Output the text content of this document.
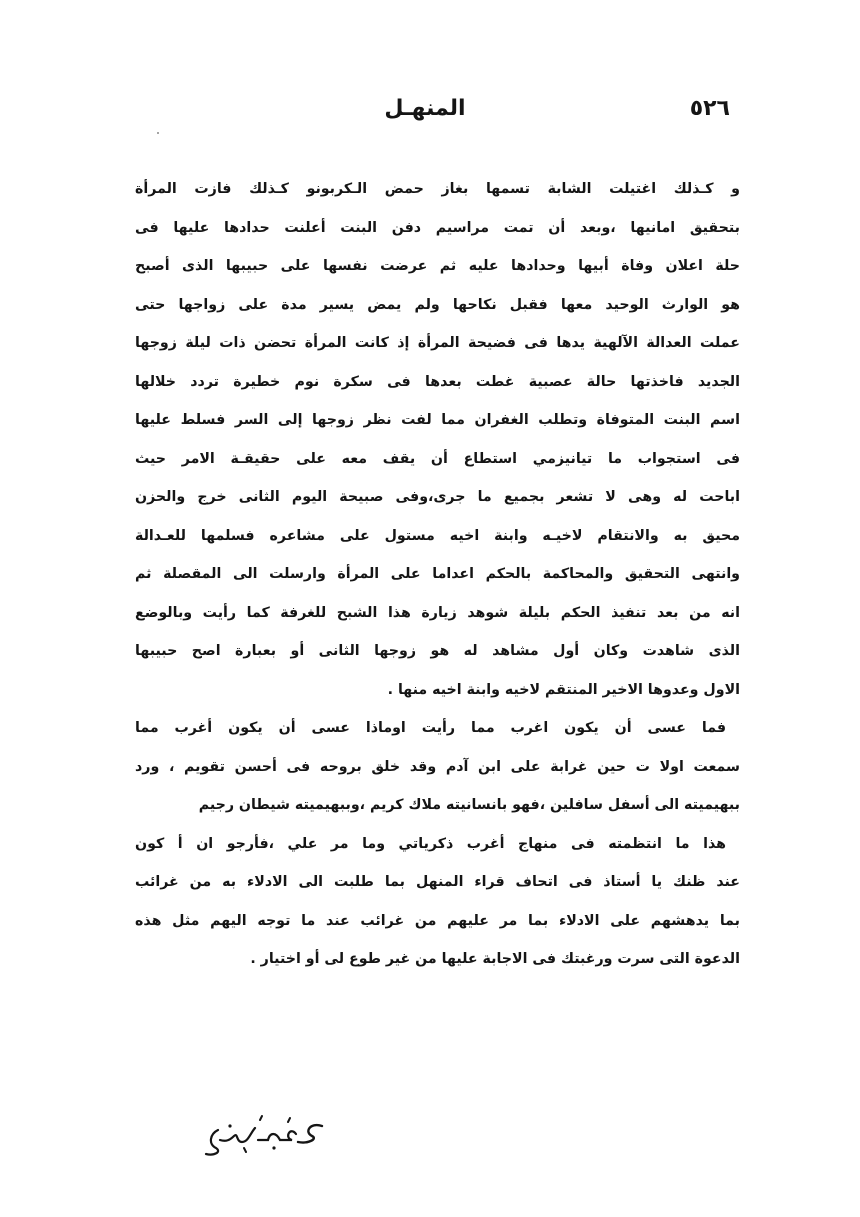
٥٢٦
المنهـل
و كـذلك اغتيلت الشابة تسمها بغاز حمض الـكربونو كـذلك فازت المرأة
بتحقيق امانيها ،وبعد أن تمت مراسيم دفن البنت أعلنت حدادها عليها فى
حلة اعلان وفاة أبيها وحدادها عليه ثم عرضت نفسها على حبيبها الذى أصبح
هو الوارث الوحيد معها فقبل نكاحها ولم يمض يسير مدة على زواجها حتى
عملت العدالة الآلهية يدها فى فضيحة المرأة إذ كانت المرأة تحضن ذات ليلة زوجها
الجديد فاخذتها حالة عصبية غطت بعدها فى سكرة نوم خطيرة تردد خلالها
اسم البنت المتوفاة وتطلب الغفران مما لفت نظر زوجها إلى السر فسلط عليها
فى استجواب ما تيانيزمي استطاع أن يقف معه على حقيقـة الامر حيث
اباحت له وهى لا تشعر بجميع ما جرى،وفى صبيحة اليوم الثانى خرج والحزن
محيق به والانتقام لاخيـه وابنة اخيه مستول على مشاعره فسلمها للعـدالة
وانتهى التحقيق والمحاكمة بالحكم اعداما على المرأة وارسلت الى المقصلة ثم
انه من بعد تنفيذ الحكم بليلة شوهد زيارة هذا الشبح للغرفة كما رأيت وبالوضع
الذى شاهدت وكان أول مشاهد له هو زوجها الثانى أو بعبارة اصح حبيبها
الاول وعدوها الاخير المنتقم لاخيه وابنة اخيه منها .
فما عسى أن يكون اغرب مما رأيت اوماذا عسى أن يكون أغرب مما
سمعت اولا ت حين غرابة على ابن آدم وقد خلق بروحه فى أحسن تقويم ، ورد
ببهيميته الى أسفل سافلين ،فهو بانسانيته ملاك كريم ،وببهيميته شيطان رجيم
هذا ما انتظمته فى منهاج أغرب ذكرياتي وما مر علي ،فأرجو ان أ كون
عند ظنك يا أستاذ فى اتحاف قراء المنهل بما طلبت الى الادلاء به من غرائب
بما يدهشهم على الادلاء بما مر عليهم من غرائب عند ما توجه اليهم مثل هذه
الدعوة التى سرت ورغبتك فى الاجابة عليها من غير طوع لى أو اختيار .
